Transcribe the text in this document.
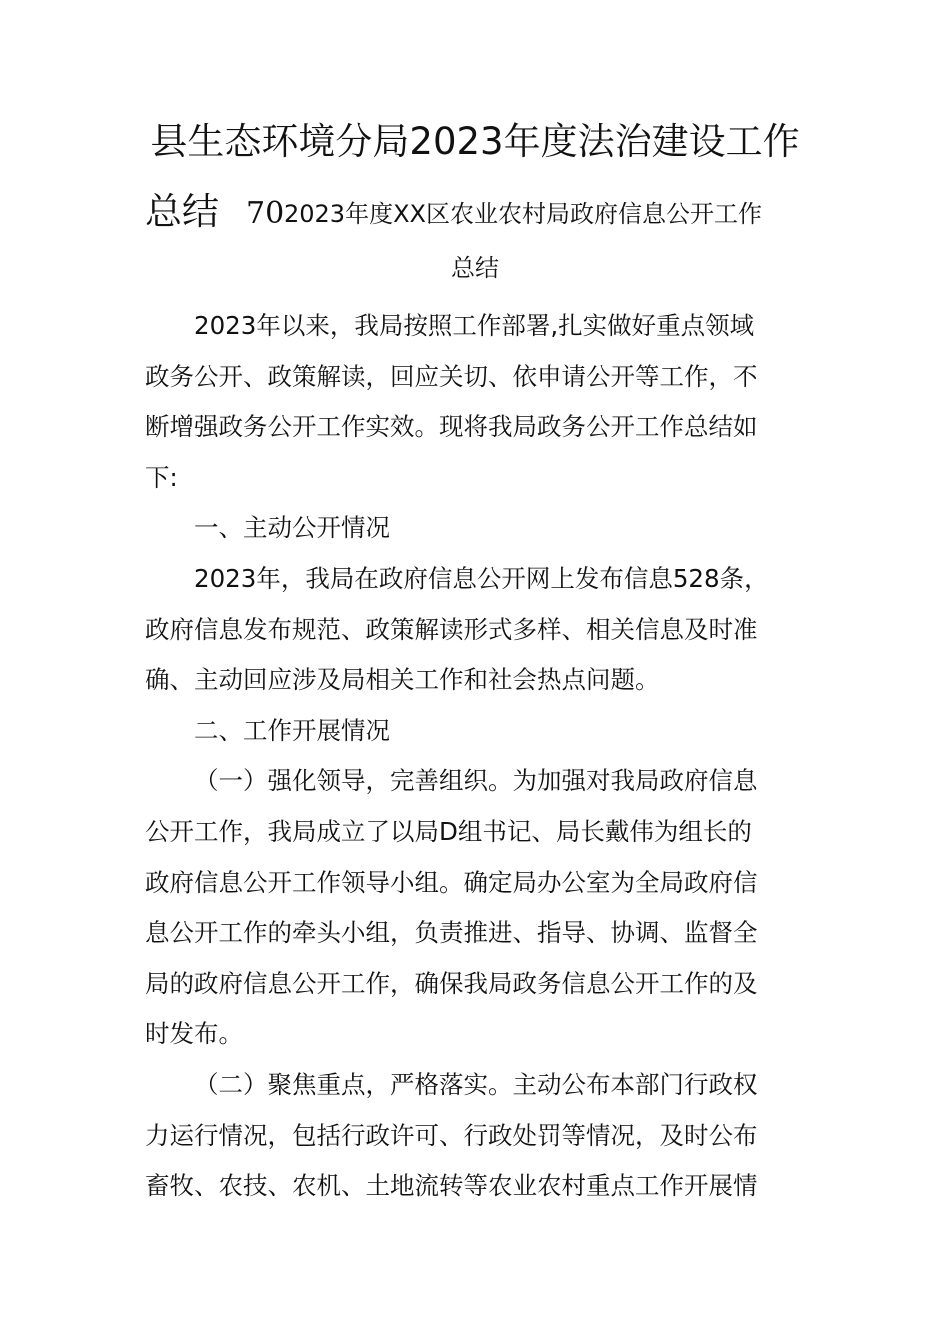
县生态环境分局2023年度法治建设工作
总结 70 2023年度XX区农业农村局政府信息公开工作
总结

2023年以来，我局按照工作部署,扎实做好重点领域

政务公开、政策解读，回应关切、依申请公开等工作，不

断增强政务公开工作实效。现将我局政务公开工作总结如

下:

一、主动公开情况

2023年，我局在政府信息公开网上发布信息528条，

政府信息发布规范、政策解读形式多样、相关信息及时准

确、主动回应涉及局相关工作和社会热点问题。

二、工作开展情况

（一）强化领导，完善组织。为加强对我局政府信息

公开工作，我局成立了以局D组书记、局长戴伟为组长的

政府信息公开工作领导小组。确定局办公室为全局政府信

息公开工作的牵头小组，负责推进、指导、协调、监督全

局的政府信息公开工作，确保我局政务信息公开工作的及

时发布。

（二）聚焦重点，严格落实。主动公布本部门行政权

力运行情况，包括行政许可、行政处罚等情况，及时公布

畜牧、农技、农机、土地流转等农业农村重点工作开展情
